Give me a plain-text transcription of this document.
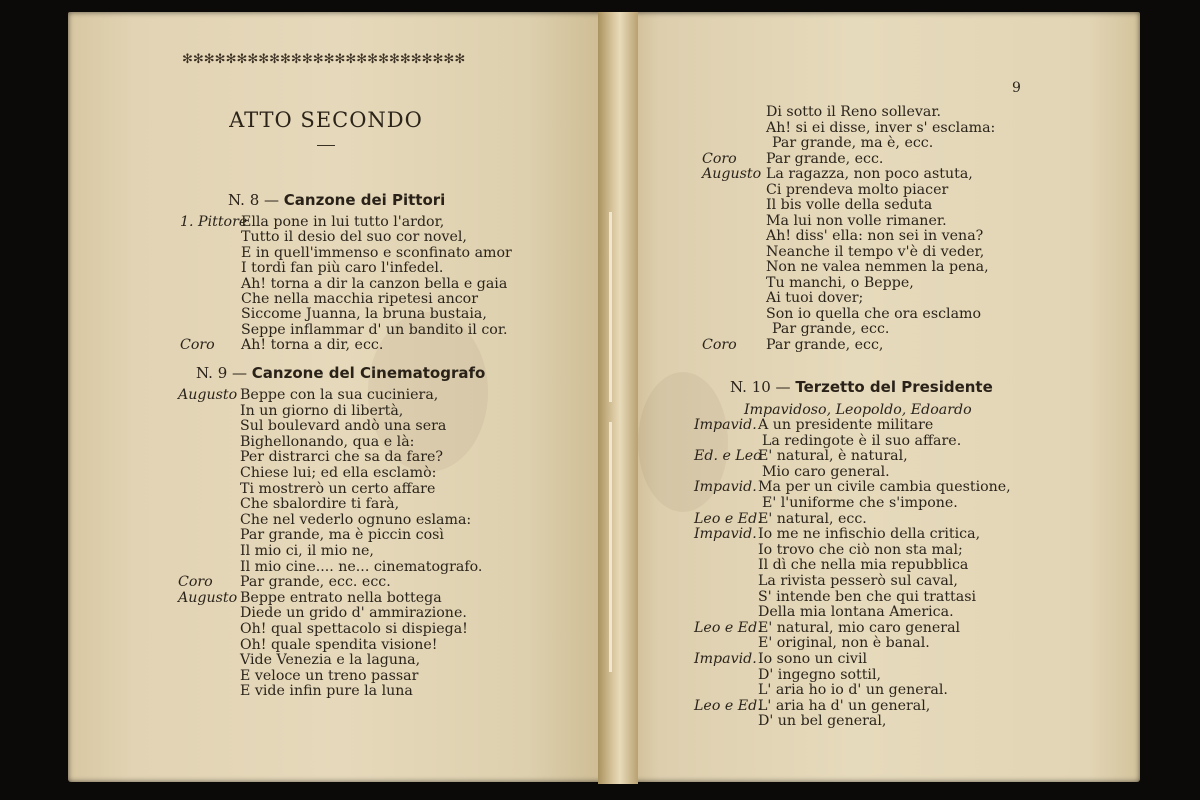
✻✻✻✻✻✻✻✻✻✻✻✻✻✻✻✻✻✻✻✻✻✻✻✻✻✻
ATTO SECONDO
N. 8 — Canzone dei Pittori
1. Pittore
Ella pone in lui tutto l'ardor,
Tutto il desio del suo cor novel,
E in quell'immenso e sconfinato amor
I tordi fan più caro l'infedel.
Ah! torna a dir la canzon bella e gaia
Che nella macchia ripetesi ancor
Siccome Juanna, la bruna bustaia,
Seppe inflammar d' un bandito il cor.
Coro Ah! torna a dir, ecc.
N. 9 — Canzone del Cinematografo
Augusto Beppe con la sua cuciniera,
In un giorno di libertà,
Sul boulevard andò una sera
Bighellonando, qua e là:
Per distrarci che sa da fare?
Chiese lui; ed ella esclamò:
Ti mostrerò un certo affare
Che sbalordire ti farà,
Che nel vederlo ognuno eslama:
Par grande, ma è piccin così
Il mio ci, il mio ne,
Il mio cine.... ne... cinematografo.
Coro Par grande, ecc. ecc.
Augusto Beppe entrato nella bottega
Diede un grido d' ammirazione.
Oh! qual spettacolo si dispiega!
Oh! quale spendita visione!
Vide Venezia e la laguna,
E veloce un treno passar
E vide infin pure la luna
9
Di sotto il Reno sollevar.
Ah! si ei disse, inver s' esclama:
Par grande, ma è, ecc.
Coro Par grande, ecc.
Augusto La ragazza, non poco astuta,
Ci prendeva molto piacer
Il bis volle della seduta
Ma lui non volle rimaner.
Ah! diss' ella: non sei in vena?
Neanche il tempo v'è di veder,
Non ne valea nemmen la pena,
Tu manchi, o Beppe,
Ai tuoi dover;
Son io quella che ora esclamo
Par grande, ecc.
Coro Par grande, ecc,
N. 10 — Terzetto del Presidente
Impavidoso, Leopoldo, Edoardo
Impavid. A un presidente militare
La redingote è il suo affare.
Ed. e Leo
E' natural, è natural,
Mio caro general.
Impavid. Ma per un civile cambia questione,
E' l'uniforme che s'impone.
Leo e Ed.
E' natural, ecc.
Impavid. Io me ne infischio della critica,
Io trovo che ciò non sta mal;
Il dì che nella mia repubblica
La rivista pesserò sul caval,
S' intende ben che qui trattasi
Della mia lontana America.
Leo e Ed.
E' natural, mio caro general
E' original, non è banal.
Impavid. Io sono un civil
D' ingegno sottil,
L' aria ho io d' un general.
Leo e Ed.
L' aria ha d' un general,
D' un bel general,
